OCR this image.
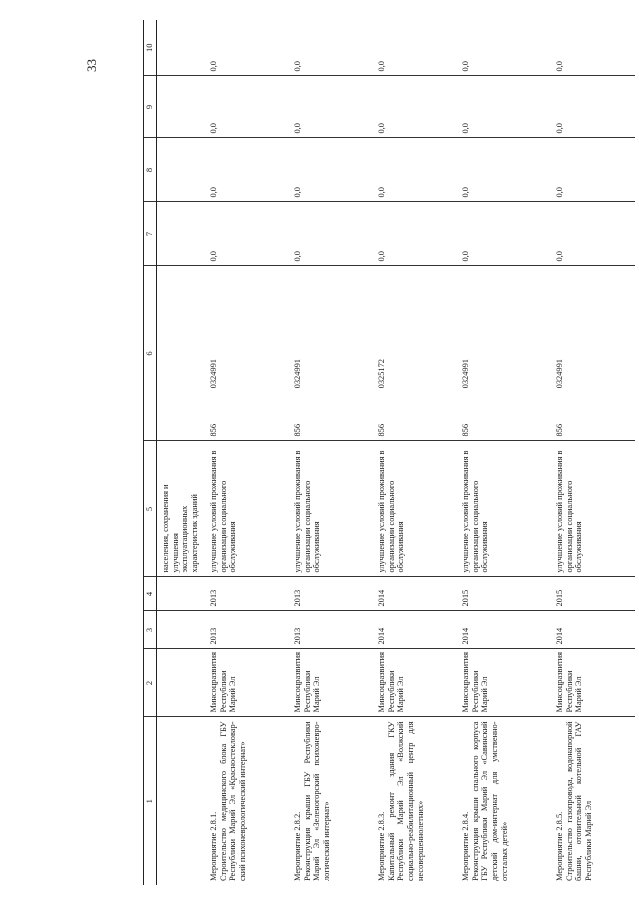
33
1	2	3	4	5	6	7	8	9	10

				населения, сохранения и улучшения эксплуатационных характеристик зданий					

Мероприятие 2.8.1. Строительство медицинского блока ГБУ Республики Марий Эл «Красностекловар-ский психоневрологический интернат»	Минсоцразвития Республики Марий Эл	2013	2013	улучшение условий проживания в организации социального обслуживания	856                 0324991	0,0	0,0	0,0	0,0

Мероприятие 2.8.2. Реконструкция крыши ГБУ Республики Марий Эл «Зеленогорский психоневро-логический интернат»	Минсоцразвития Республики Марий Эл	2013	2013	улучшение условий проживания в организации социального обслуживания	856                 0324991	0,0	0,0	0,0	0,0

Мероприятие 2.8.3. Капитальный ремонт здания ГКУ Республики Марий Эл «Волжский социально-реабилитационный центр для несовершеннолетних»	Минсоцразвития Республики Марий Эл	2014	2014	улучшение условий проживания в организации социального обслуживания	856                 0325172	0,0	0,0	0,0	0,0

Мероприятие 2.8.4. Реконструкция крыши спального корпуса ГБУ Республики Марий Эл «Савинский детский дом-интернат для умственно-отсталых детей»	Минсоцразвития Республики Марий Эл	2014	2015	улучшение условий проживания в организации социального обслуживания	856                 0324991	0,0	0,0	0,0	0,0

Мероприятие 2.8.5. Строительство газопровода, водонапорной башни, отопительной котельной ГАУ Республики Марий Эл	Минсоцразвития Республики Марий Эл	2014	2015	улучшение условий проживания в организации социального обслуживания	856                 0324991	0,0	0,0	0,0	0,0
